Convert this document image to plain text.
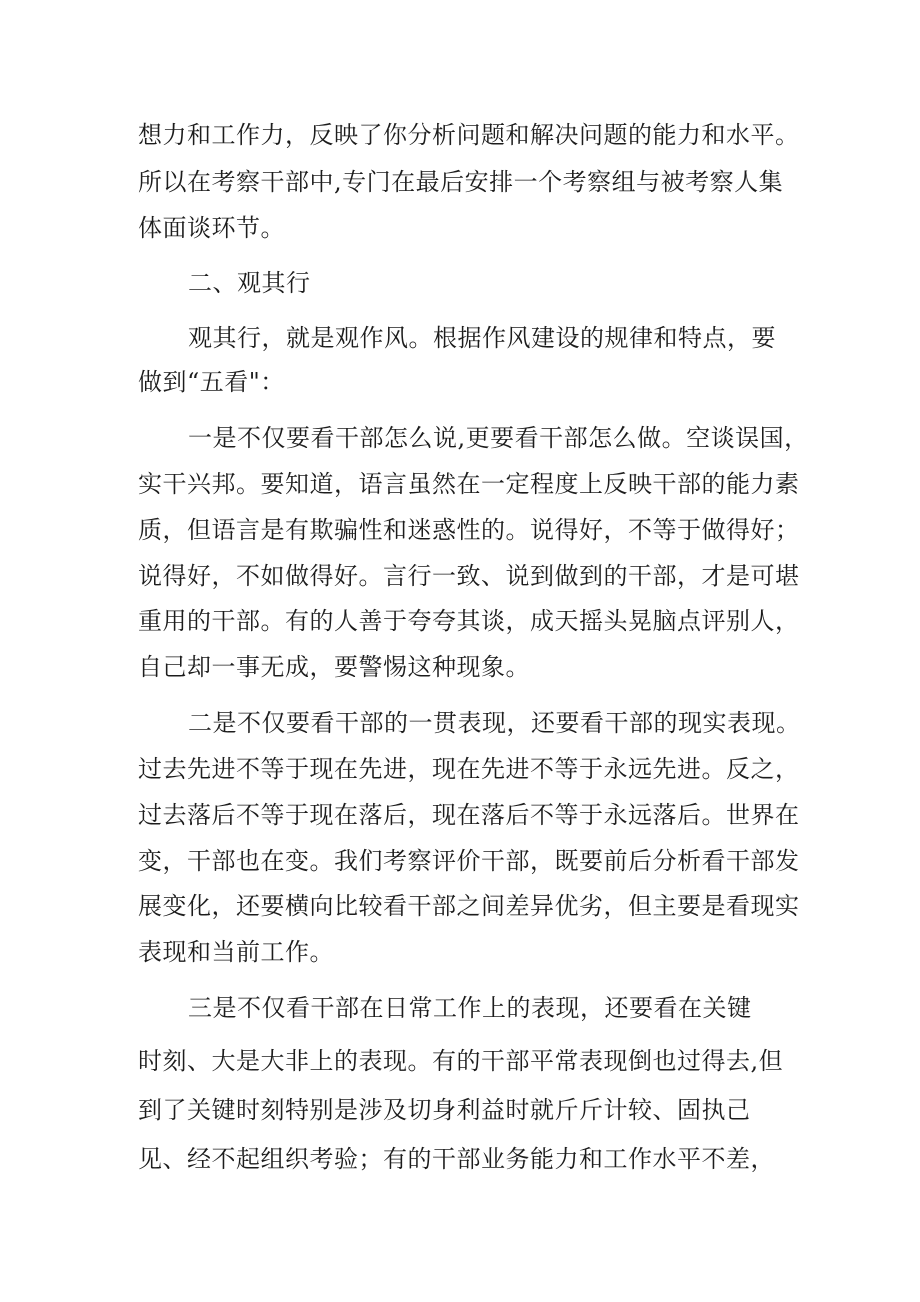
想力和工作力，反映了你分析问题和解决问题的能力和水平。
所以在考察干部中,专门在最后安排一个考察组与被考察人集
体面谈环节。
二、观其行
观其行，就是观作风。根据作风建设的规律和特点，要
做到“五看"：
一是不仅要看干部怎么说,更要看干部怎么做。空谈误国，
实干兴邦。要知道，语言虽然在一定程度上反映干部的能力素
质，但语言是有欺骗性和迷惑性的。说得好，不等于做得好；
说得好，不如做得好。言行一致、说到做到的干部，才是可堪
重用的干部。有的人善于夸夸其谈，成天摇头晃脑点评别人，
自己却一事无成，要警惕这种现象。
二是不仅要看干部的一贯表现，还要看干部的现实表现。
过去先进不等于现在先进，现在先进不等于永远先进。反之，
过去落后不等于现在落后，现在落后不等于永远落后。世界在
变，干部也在变。我们考察评价干部，既要前后分析看干部发
展变化，还要横向比较看干部之间差异优劣，但主要是看现实
表现和当前工作。
三是不仅看干部在日常工作上的表现，还要看在关键
时刻、大是大非上的表现。有的干部平常表现倒也过得去,但
到了关键时刻特别是涉及切身利益时就斤斤计较、固执己
见、经不起组织考验；有的干部业务能力和工作水平不差，
